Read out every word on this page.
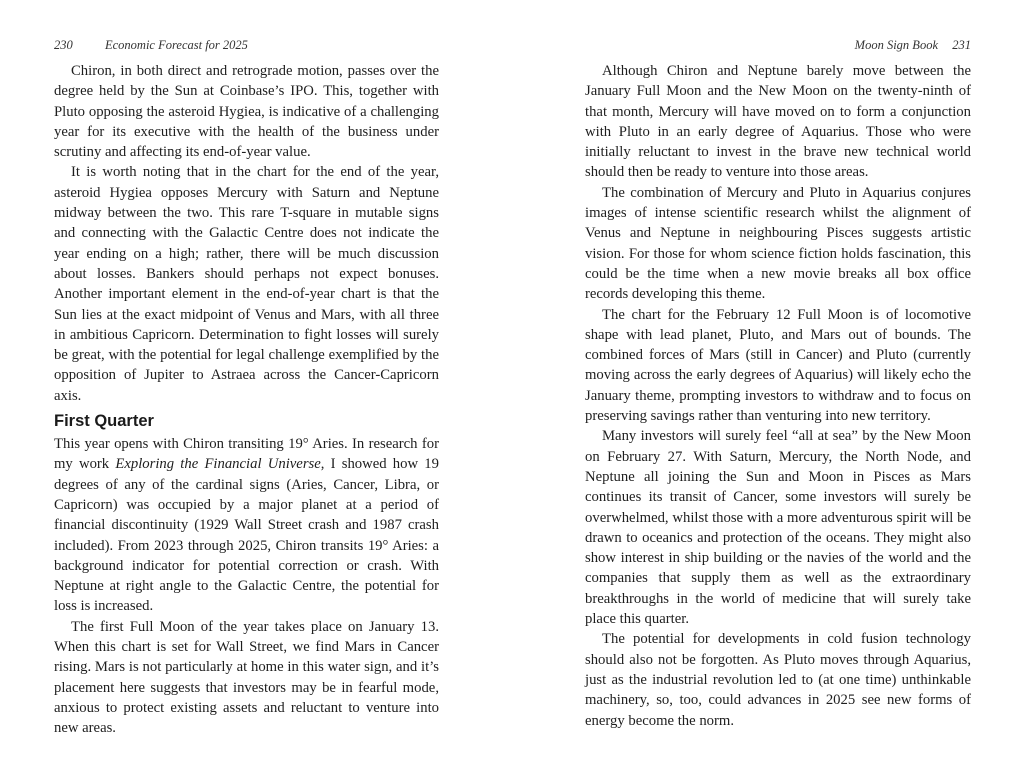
230	Economic Forecast for 2025

Chiron, in both direct and retrograde motion, passes over the degree held by the Sun at Coinbase’s IPO. This, together with Pluto opposing the asteroid Hygiea, is indicative of a challenging year for its executive with the health of the business under scrutiny and affecting its end-of-year value.

It is worth noting that in the chart for the end of the year, asteroid Hygiea opposes Mercury with Saturn and Neptune midway between the two. This rare T-square in mutable signs and connecting with the Galactic Centre does not indicate the year ending on a high; rather, there will be much discussion about losses. Bankers should perhaps not expect bonuses. Another important element in the end-of-year chart is that the Sun lies at the exact midpoint of Venus and Mars, with all three in ambitious Capricorn. Determination to fight losses will surely be great, with the potential for legal challenge exemplified by the opposition of Jupiter to Astraea across the Cancer-Capricorn axis.

First Quarter

This year opens with Chiron transiting 19° Aries. In research for my work Exploring the Financial Universe, I showed how 19 degrees of any of the cardinal signs (Aries, Cancer, Libra, or Capricorn) was occupied by a major planet at a period of financial discontinuity (1929 Wall Street crash and 1987 crash included). From 2023 through 2025, Chiron transits 19° Aries: a background indicator for potential correction or crash. With Neptune at right angle to the Galactic Centre, the potential for loss is increased.

The first Full Moon of the year takes place on January 13. When this chart is set for Wall Street, we find Mars in Cancer rising. Mars is not particularly at home in this water sign, and it’s placement here suggests that investors may be in fearful mode, anxious to protect existing assets and reluctant to venture into new areas.

Moon Sign Book 231

Although Chiron and Neptune barely move between the January Full Moon and the New Moon on the twenty-ninth of that month, Mercury will have moved on to form a conjunction with Pluto in an early degree of Aquarius. Those who were initially reluctant to invest in the brave new technical world should then be ready to venture into those areas.

The combination of Mercury and Pluto in Aquarius conjures images of intense scientific research whilst the alignment of Venus and Neptune in neighbouring Pisces suggests artistic vision. For those for whom science fiction holds fascination, this could be the time when a new movie breaks all box office records developing this theme.

The chart for the February 12 Full Moon is of locomotive shape with lead planet, Pluto, and Mars out of bounds. The combined forces of Mars (still in Cancer) and Pluto (currently moving across the early degrees of Aquarius) will likely echo the January theme, prompting investors to withdraw and to focus on preserving savings rather than venturing into new territory.

Many investors will surely feel “all at sea” by the New Moon on February 27. With Saturn, Mercury, the North Node, and Neptune all joining the Sun and Moon in Pisces as Mars continues its transit of Cancer, some investors will surely be overwhelmed, whilst those with a more adventurous spirit will be drawn to oceanics and protection of the oceans. They might also show interest in ship building or the navies of the world and the companies that supply them as well as the extraordinary breakthroughs in the world of medicine that will surely take place this quarter.

The potential for developments in cold fusion technology should also not be forgotten. As Pluto moves through Aquarius, just as the industrial revolution led to (at one time) unthinkable machinery, so, too, could advances in 2025 see new forms of energy become the norm.
